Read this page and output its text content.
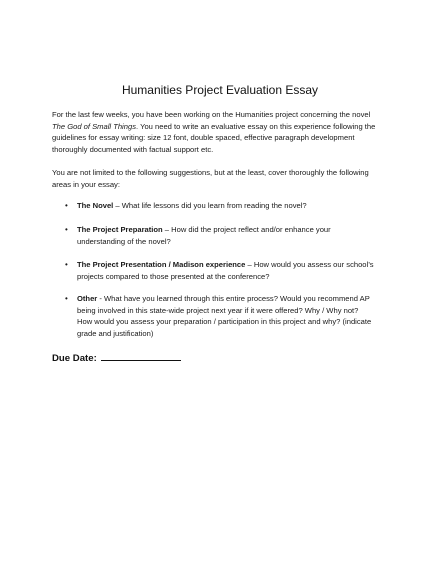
Humanities Project Evaluation Essay
For the last few weeks, you have been working on the Humanities project concerning the novel
The God of Small Things. You need to write an evaluative essay on this experience following the
guidelines for essay writing: size 12 font, double spaced, effective paragraph development
thoroughly documented with factual support etc.
You are not limited to the following suggestions, but at the least, cover thoroughly the following
areas in your essay:
• The Novel – What life lessons did you learn from reading the novel?
• The Project Preparation – How did the project reflect and/or enhance your
understanding of the novel?
• The Project Presentation / Madison experience – How would you assess our school’s
projects compared to those presented at the conference?
• Other - What have you learned through this entire process? Would you recommend AP
being involved in this state-wide project next year if it were offered? Why / Why not?
How would you assess your preparation / participation in this project and why? (indicate
grade and justification)
Due Date:
